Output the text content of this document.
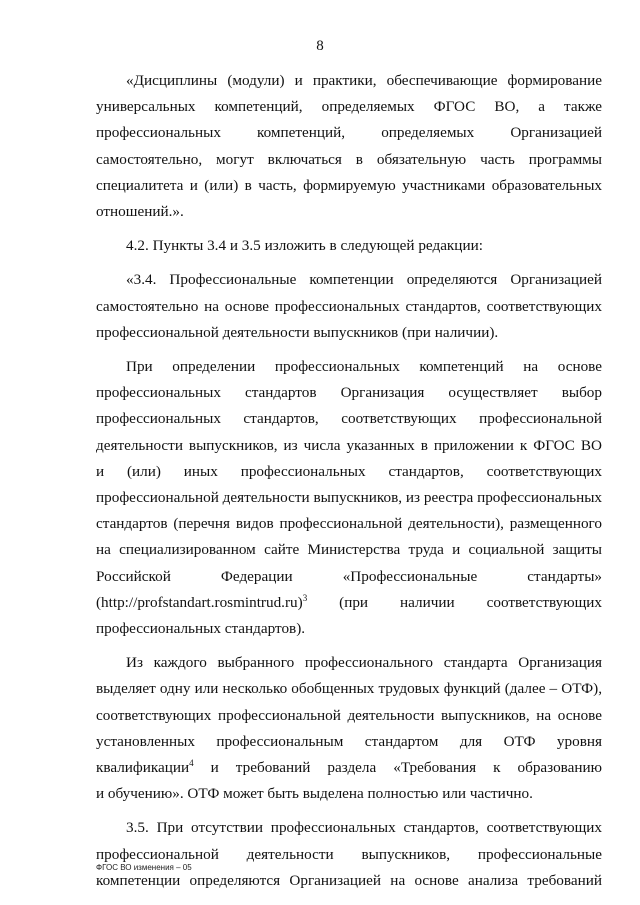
8

«Дисциплины (модули) и практики, обеспечивающие формирование
универсальных компетенций, определяемых ФГОС ВО, а также
профессиональных компетенций, определяемых Организацией
самостоятельно, могут включаться в обязательную часть программы
специалитета и (или) в часть, формируемую участниками образовательных
отношений.».

4.2. Пункты 3.4 и 3.5 изложить в следующей редакции:

«3.4. Профессиональные компетенции определяются Организацией
самостоятельно на основе профессиональных стандартов, соответствующих
профессиональной деятельности выпускников (при наличии).

При определении профессиональных компетенций на основе
профессиональных стандартов Организация осуществляет выбор
профессиональных стандартов, соответствующих профессиональной
деятельности выпускников, из числа указанных в приложении к ФГОС ВО
и (или) иных профессиональных стандартов, соответствующих
профессиональной деятельности выпускников, из реестра профессиональных
стандартов (перечня видов профессиональной деятельности), размещенного
на специализированном сайте Министерства труда и социальной защиты
Российской Федерации «Профессиональные стандарты»
(http://profstandart.rosmintrud.ru)$^3$ (при наличии соответствующих
профессиональных стандартов).

Из каждого выбранного профессионального стандарта Организация
выделяет одну или несколько обобщенных трудовых функций (далее – ОТФ),
соответствующих профессиональной деятельности выпускников, на основе
установленных профессиональным стандартом для ОТФ уровня
квалификации$^4$ и требований раздела «Требования к образованию
и обучению». ОТФ может быть выделена полностью или частично.

3.5. При отсутствии профессиональных стандартов, соответствующих
профессиональной деятельности выпускников, профессиональные
компетенции определяются Организацией на основе анализа требований

ФГОС ВО изменения – 05
